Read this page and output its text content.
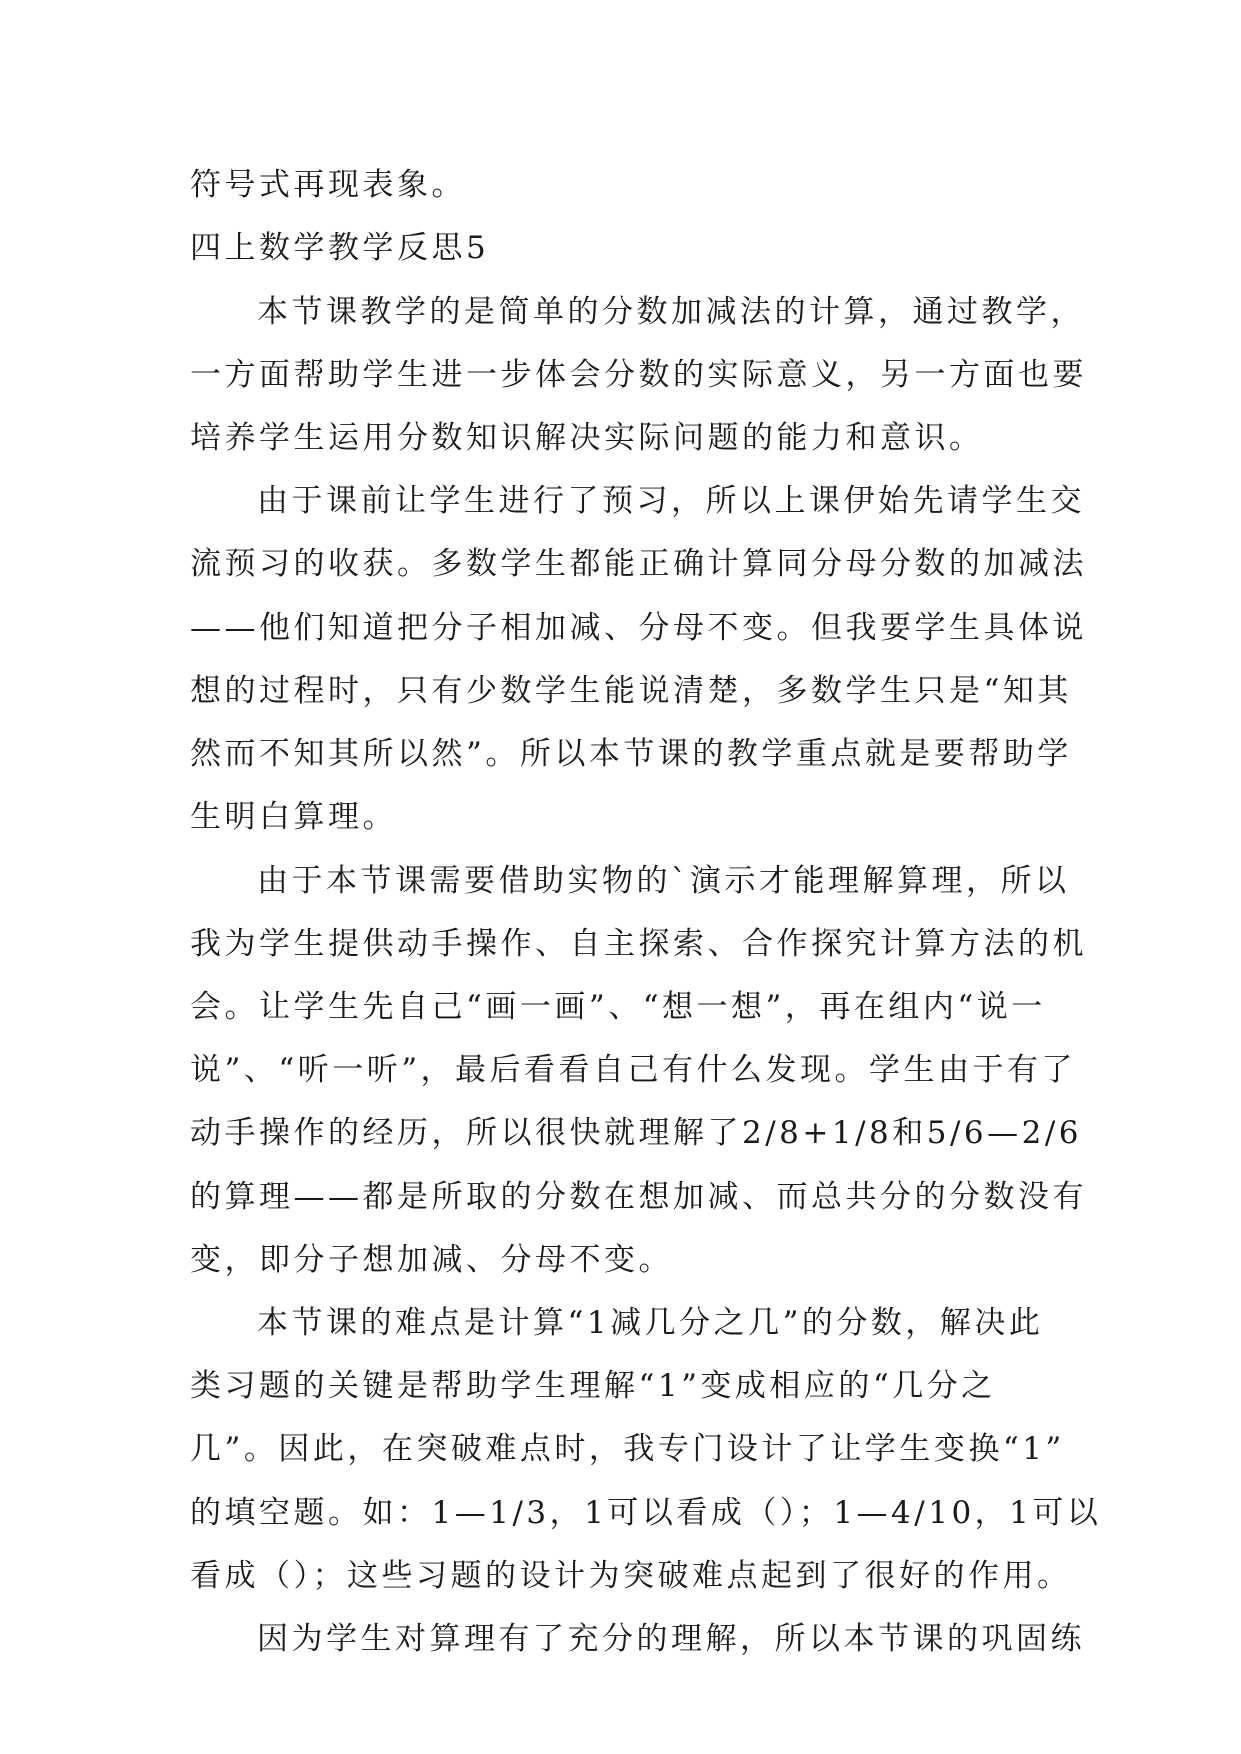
符号式再现表象。
四上数学教学反思5
本节课教学的是简单的分数加减法的计算，通过教学，
一方面帮助学生进一步体会分数的实际意义，另一方面也要
培养学生运用分数知识解决实际问题的能力和意识。
由于课前让学生进行了预习，所以上课伊始先请学生交
流预习的收获。多数学生都能正确计算同分母分数的加减法
——他们知道把分子相加减、分母不变。但我要学生具体说
想的过程时，只有少数学生能说清楚，多数学生只是“知其
然而不知其所以然”。所以本节课的教学重点就是要帮助学
生明白算理。
由于本节课需要借助实物的`演示才能理解算理，所以
我为学生提供动手操作、自主探索、合作探究计算方法的机
会。让学生先自己“画一画”、“想一想”，再在组内“说一
说”、“听一听”，最后看看自己有什么发现。学生由于有了
动手操作的经历，所以很快就理解了2/8+1/8和5/6—2/6
的算理——都是所取的分数在想加减、而总共分的分数没有
变，即分子想加减、分母不变。
本节课的难点是计算“1减几分之几”的分数，解决此
类习题的关键是帮助学生理解“1”变成相应的“几分之
几”。因此，在突破难点时，我专门设计了让学生变换“1”
的填空题。如：1—1/3，1可以看成（）；1—4/10，1可以
看成（）；这些习题的设计为突破难点起到了很好的作用。
因为学生对算理有了充分的理解，所以本节课的巩固练
